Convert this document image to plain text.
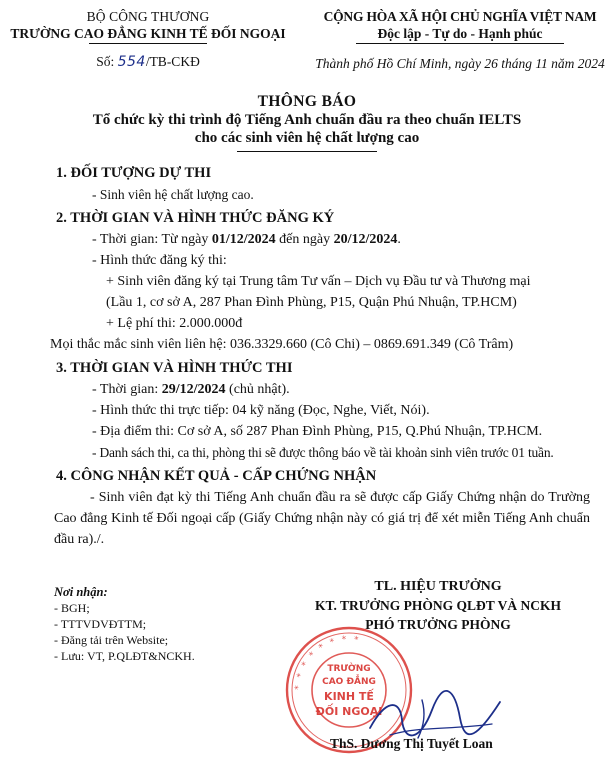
BỘ CÔNG THƯƠNG
TRƯỜNG CAO ĐẲNG KINH TẾ ĐỐI NGOẠI
Số: 554/TB-CKĐ
CỘNG HÒA XÃ HỘI CHỦ NGHĨA VIỆT NAM
Độc lập - Tự do - Hạnh phúc
Thành phố Hồ Chí Minh, ngày 26 tháng 11 năm 2024
THÔNG BÁO
Tổ chức kỳ thi trình độ Tiếng Anh chuẩn đầu ra theo chuẩn IELTS
cho các sinh viên hệ chất lượng cao
1. ĐỐI TƯỢNG DỰ THI
- Sinh viên hệ chất lượng cao.
2. THỜI GIAN VÀ HÌNH THỨC ĐĂNG KÝ
- Thời gian: Từ ngày 01/12/2024 đến ngày 20/12/2024.
- Hình thức đăng ký thi:
+ Sinh viên đăng ký tại Trung tâm Tư vấn – Dịch vụ Đầu tư và Thương mại
(Lầu 1, cơ sở A, 287 Phan Đình Phùng, P15, Quận Phú Nhuận, TP.HCM)
+ Lệ phí thi: 2.000.000đ
Mọi thắc mắc sinh viên liên hệ: 036.3329.660 (Cô Chi) – 0869.691.349 (Cô Trâm)
3. THỜI GIAN VÀ HÌNH THỨC THI
- Thời gian: 29/12/2024 (chủ nhật).
- Hình thức thi trực tiếp: 04 kỹ năng (Đọc, Nghe, Viết, Nói).
- Địa điểm thi: Cơ sở A, số 287 Phan Đình Phùng, P15, Q.Phú Nhuận, TP.HCM.
- Danh sách thi, ca thi, phòng thi sẽ được thông báo về tài khoản sinh viên trước 01 tuần.
4. CÔNG NHẬN KẾT QUẢ - CẤP CHỨNG NHẬN
- Sinh viên đạt kỳ thi Tiếng Anh chuẩn đầu ra sẽ được cấp Giấy Chứng nhận do Trường Cao đẳng Kinh tế Đối ngoại cấp (Giấy Chứng nhận này có giá trị để xét miễn Tiếng Anh chuẩn đầu ra)./.
Nơi nhận:
- BGH;
- TTTVDVĐTTM;
- Đăng tải trên Website;
- Lưu: VT, P.QLĐT&NCKH.
TL. HIỆU TRƯỞNG
KT. TRƯỞNG PHÒNG QLĐT VÀ NCKH
PHÓ TRƯỞNG PHÒNG
* * * * * * * *
TRƯỜNG
CAO ĐẲNG
KINH TẾ
ĐỐI NGOẠI
ThS. Dương Thị Tuyết Loan
